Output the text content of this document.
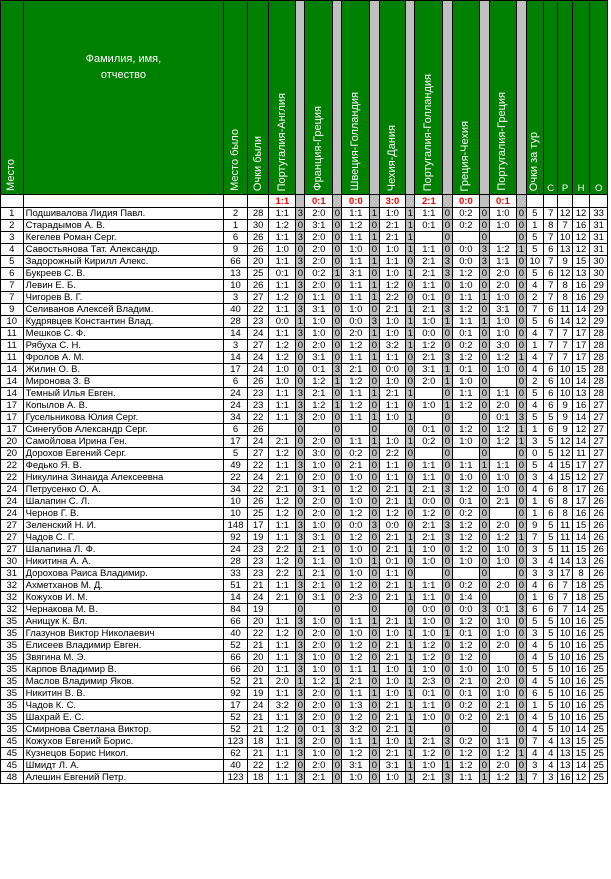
Место	Фамилия, имя, отчество	Место было	Очки были	Португалия-Англия		Франция-Греция		Швеция-Голландия		Чехия-Дания		Португалия-Голландия		Греция-Чехия		Португалия-Греция		Очки за тур	С	Р	Н	О
				1:1		0:1		0:0		3:0		2:1		0:0		0:1						
1	Подшивалова Лидия Павл.	2	28	1:1	3	2:0	0	1:1	1	1:0	1	1:1	0	0:2	0	1:0	0	5	7	12	12	33
2	Старадымов А. В.	1	30	1:2	0	3:1	0	1:2	0	2:1	1	0:1	0	0:2	0	1:0	0	1	8	7	16	31
3	Кегелев Роман Серг.	6	26	1:1	3	2:0	0	1:1	1	2:1	1		0		0		0	5	7	10	12	31
4	Савостьянова Тат. Александр.	9	26	1:0	0	2:0	0	1:0	0	1:0	1	1:1	0	0:0	3	1:2	1	5	6	13	12	31
5	Задорожный Кирилл Алекс.	66	20	1:1	3	2:0	0	1:1	1	1:1	0	2:1	3	0:0	3	1:1	0	10	7	9	15	30
6	Букреев С. В.	13	25	0:1	0	0:2	1	3:1	0	1:0	1	2:1	3	1:2	0	2:0	0	5	6	12	13	30
7	Левин Е. Б.	10	26	1:1	3	2:0	0	1:1	1	1:2	0	1:1	0	1:0	0	2:0	0	4	7	8	16	29
7	Чигорев В. Г.	3	27	1:2	0	1:1	0	1:1	1	2:2	0	0:1	0	1:1	1	1:0	0	2	7	8	16	29
9	Селиванов Алексей Владим.	40	22	1:1	3	3:1	0	1:0	0	2:1	1	2:1	3	1:2	0	3:1	0	7	6	11	14	29
10	Кудрявцев Константин Влад.	28	23	0:0	1	1:0	0	0:0	3	1:0	1	1:0	1	1:1	1	1:0	0	5	6	14	12	29
11	Мешков С. Ф.	14	24	1:1	3	1:0	0	2:0	1	1:0	1	0:0	0	0:1	0	1:0	0	4	7	7	17	28
11	Рябуха С. Н.	3	27	1:2	0	2:0	0	1:2	0	3:2	1	1:2	0	0:2	0	3:0	0	1	7	7	17	28
11	Фролов А. М.	14	24	1:2	0	3:1	0	1:1	1	1:1	0	2:1	3	1:2	0	1:2	1	4	7	7	17	28
14	Жилин О. В.	17	24	1:0	0	0:1	3	2:1	0	0:0	0	3:1	1	0:1	0	1:0	0	4	6	10	15	28
14	Миронова З. В	6	26	1:0	0	1:2	1	1:2	0	1:0	0	2:0	1	1:0	0		0	2	6	10	14	28
14	Темный Илья Евген.	24	23	1:1	3	2:1	0	1:1	1	2:1	1		0	1:1	0	1:1	0	5	6	10	13	28
17	Копылов А. В.	24	23	1:1	3	1:2	1	1:2	0	1:1	0	1:0	1	1:2	0	2:0	0	4	6	9	16	27
17	Гусельникова Юлия Серг.	34	22	1:1	3	2:0	0	1:1	1	1:0	1		0		0	0:1	3	5	5	9	14	27
17	Синегубов Александр Серг.	6	26		0		0		0		0	0:1	0	1:2	0	1:2	1	1	6	9	12	27
20	Самойлова Ирина Ген.	17	24	2:1	0	2:0	0	1:1	1	1:0	1	0:2	0	1:0	0	1:2	1	3	5	12	14	27
20	Дорохов Евгений Серг.	5	27	1:2	0	3:0	0	0:2	0	2:2	0		0		0		0	0	5	12	11	27
22	Федько Я. В.	49	22	1:1	3	1:0	0	2:1	0	1:1	0	1:1	0	1:1	1	1:1	0	5	4	15	17	27
22	Никулина Зинаида Алексеевна	22	24	2:1	0	2:0	0	1:0	0	1:1	0	1:1	0	1:0	0	1:0	0	3	4	15	12	27
24	Петрусенко О. А.	34	22	2:1	0	3:1	0	1:2	0	2:1	1	2:1	3	1:2	0	1:0	0	4	6	8	17	26
24	Шалапин С. Л.	10	26	1:2	0	2:0	0	1:0	0	2:1	1	0:0	0	0:1	0	2:1	0	1	6	8	17	26
24	Чернов Г. В.	10	25	1:2	0	2:0	0	1:2	0	1:2	0	1:2	0	0:2	0		0	1	6	8	16	26
27	Зеленский Н. И.	148	17	1:1	3	1:0	0	0:0	3	0:0	0	2:1	3	1:2	0	2:0	0	9	5	11	15	26
27	Чадов С. Г.	92	19	1:1	3	3:1	0	1:2	0	2:1	1	2:1	3	1:2	0	1:2	1	7	5	11	14	26
27	Шалапина Л. Ф.	24	23	2:2	1	2:1	0	1:0	0	2:1	1	1:0	0	1:2	0	1:0	0	3	5	11	15	26
30	Никитина А. А.	28	23	1:2	0	1:1	0	1:0	1	0:1	0	1:0	0	1:0	0	1:0	0	3	4	14	13	26
31	Дорохова Раиса Владимир.	33	23	2:2	1	2:1	0	1:0	0	1:1	0		0		0		0	3	3	17	8	26
32	Ахметханов М. Д.	51	21	1:1	3	2:1	0	1:2	0	2:1	1	1:1	0	0:2	0	2:0	0	4	6	7	18	25
32	Кожухов И. М.	14	24	2:1	0	3:1	0	2:3	0	2:1	1	1:1	0	1:4	0		0	1	6	7	18	25
32	Чернакова М. В.	84	19		0		0		0		0	0:0	0	0:0	3	0:1	3	6	6	7	14	25
35	Анищук К. Вл.	66	20	1:1	3	1:0	0	1:1	1	2:1	1	1:0	0	1:2	0	1:0	0	5	5	10	16	25
35	Глазунов Виктор Николаевич	40	22	1:2	0	2:0	0	1:0	0	1:0	1	1:0	1	0:1	0	1:0	0	3	5	10	16	25
35	Елисеев Владимир Евген.	52	21	1:1	3	2:0	0	1:2	0	2:1	1	1:2	0	1:2	0	2:0	0	4	5	10	16	25
35	Звягина М. Э.	66	20	1:1	3	1:0	0	1:2	0	2:1	1	1:2	0	1:2	0		0	4	5	10	16	25
35	Карпов Владимир В.	66	20	1:1	3	1:0	0	1:1	1	1:0	1	1:0	0	1:0	0	1:0	0	5	5	10	16	25
35	Маслов Владимир Яков.	52	21	2:0	1	1:2	1	2:1	0	1:0	1	2:3	0	2:1	0	2:0	0	4	5	10	16	25
35	Никитин В. В.	92	19	1:1	3	2:0	0	1:1	1	1:0	1	0:1	0	0:1	0	1:0	0	6	5	10	16	25
35	Чадов К. С.	17	24	3:2	0	2:0	0	1:3	0	2:1	1	1:1	0	0:2	0	2:1	0	1	5	10	16	25
35	Шахрай Е. С.	52	21	1:1	3	2:0	0	1:2	0	2:1	1	1:0	0	0:2	0	2:1	0	4	5	10	16	25
35	Смирнова Светлана Виктор.	52	21	1:2	0	0:1	3	3:2	0	2:1	1		0		0		0	4	5	10	14	25
45	Кожухов Евгений Борис.	123	18	1:1	3	2:0	0	1:1	1	1:0	1	2:1	3	0:2	0	1:1	0	7	4	13	15	25
45	Кузнецов Борис Никол.	62	21	1:1	3	1:0	0	1:2	0	2:1	1	1:2	0	1:2	0	1:2	1	4	4	13	15	25
45	Шмидт Л. А.	40	22	1:2	0	2:0	0	3:1	0	3:1	1	1:0	1	1:2	0	2:0	0	3	4	13	14	25
48	Алешин Евгений Петр.	123	18	1:1	3	2:1	0	1:0	0	1:0	1	2:1	3	1:1	1	1:2	1	7	3	16	12	25
